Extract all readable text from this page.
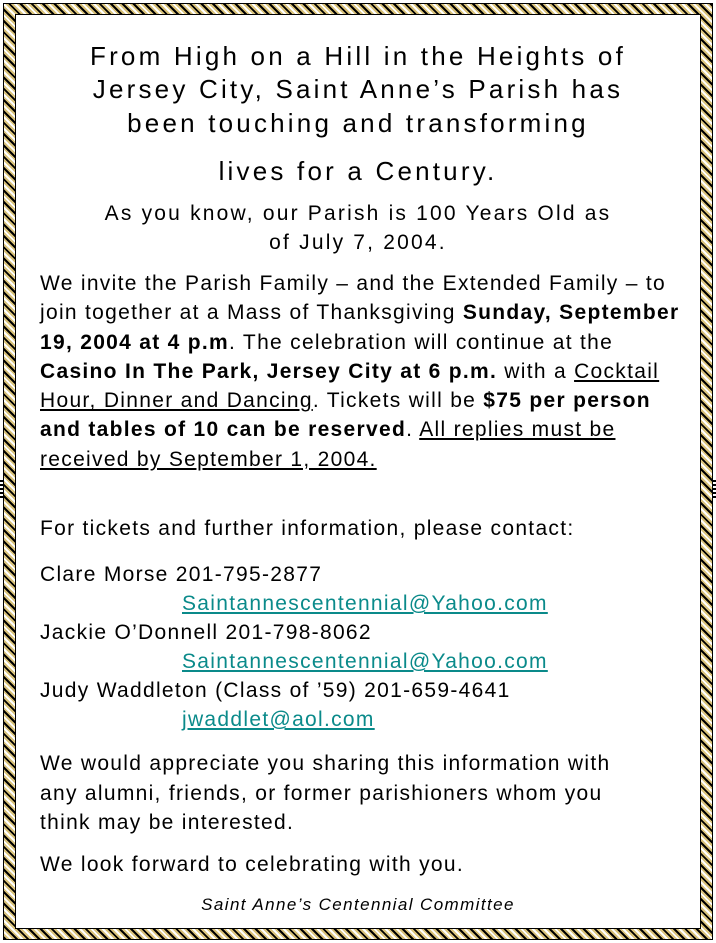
From High on a Hill in the Heights of
Jersey City, Saint Anne’s Parish has
been touching and transforming
lives for a Century.
As you know, our Parish is 100 Years Old as
of July 7, 2004.
We invite the Parish Family – and the Extended Family – to join together at a Mass of Thanksgiving Sunday, September 19, 2004 at 4 p.m. The celebration will continue at the Casino In The Park, Jersey City at 6 p.m. with a Cocktail Hour, Dinner and Dancing. Tickets will be $75 per person and tables of 10 can be reserved. All replies must be received by September 1, 2004.
For tickets and further information, please contact:
Clare Morse 201-795-2877
Saintannescentennial@Yahoo.com
Jackie O’Donnell 201-798-8062
Saintannescentennial@Yahoo.com
Judy Waddleton (Class of ’59) 201-659-4641
jwaddlet@aol.com
We would appreciate you sharing this information with any alumni, friends, or former parishioners whom you think may be interested.
We look forward to celebrating with you.
Saint Anne’s Centennial Committee
